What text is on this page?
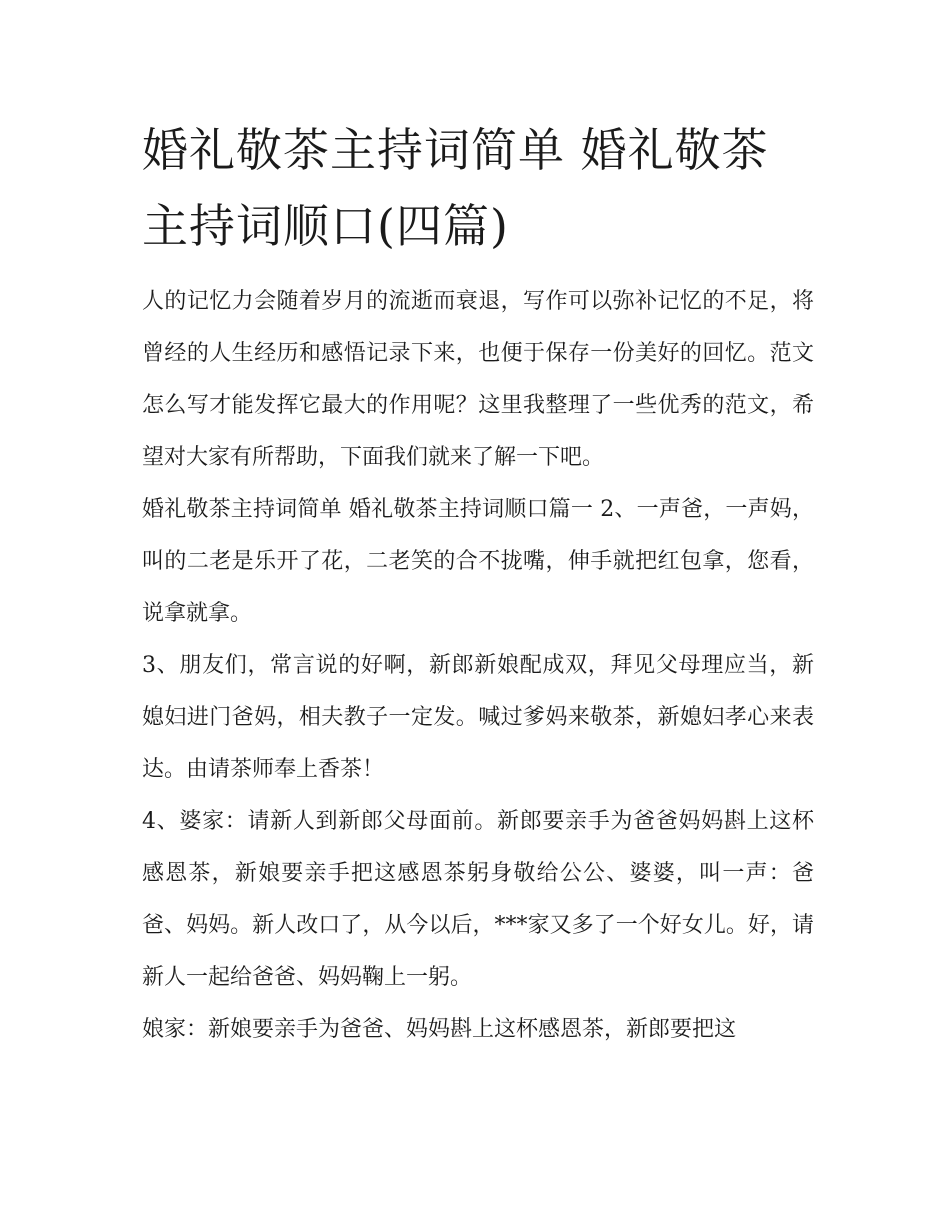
婚礼敬茶主持词简单 婚礼敬茶主持词顺口(四篇)

人的记忆力会随着岁月的流逝而衰退，写作可以弥补记忆的不足，将曾经的人生经历和感悟记录下来，也便于保存一份美好的回忆。范文怎么写才能发挥它最大的作用呢？这里我整理了一些优秀的范文，希望对大家有所帮助，下面我们就来了解一下吧。

婚礼敬茶主持词简单 婚礼敬茶主持词顺口篇一 2、一声爸，一声妈，叫的二老是乐开了花，二老笑的合不拢嘴，伸手就把红包拿，您看，说拿就拿。

3、朋友们，常言说的好啊，新郎新娘配成双，拜见父母理应当，新媳妇进门爸妈，相夫教子一定发。喊过爹妈来敬茶，新媳妇孝心来表达。由请茶师奉上香茶！

4、婆家：请新人到新郎父母面前。新郎要亲手为爸爸妈妈斟上这杯感恩茶，新娘要亲手把这感恩茶躬身敬给公公、婆婆，叫一声：爸爸、妈妈。新人改口了，从今以后，***家又多了一个好女儿。好，请新人一起给爸爸、妈妈鞠上一躬。

娘家：新娘要亲手为爸爸、妈妈斟上这杯感恩茶，新郎要把这
